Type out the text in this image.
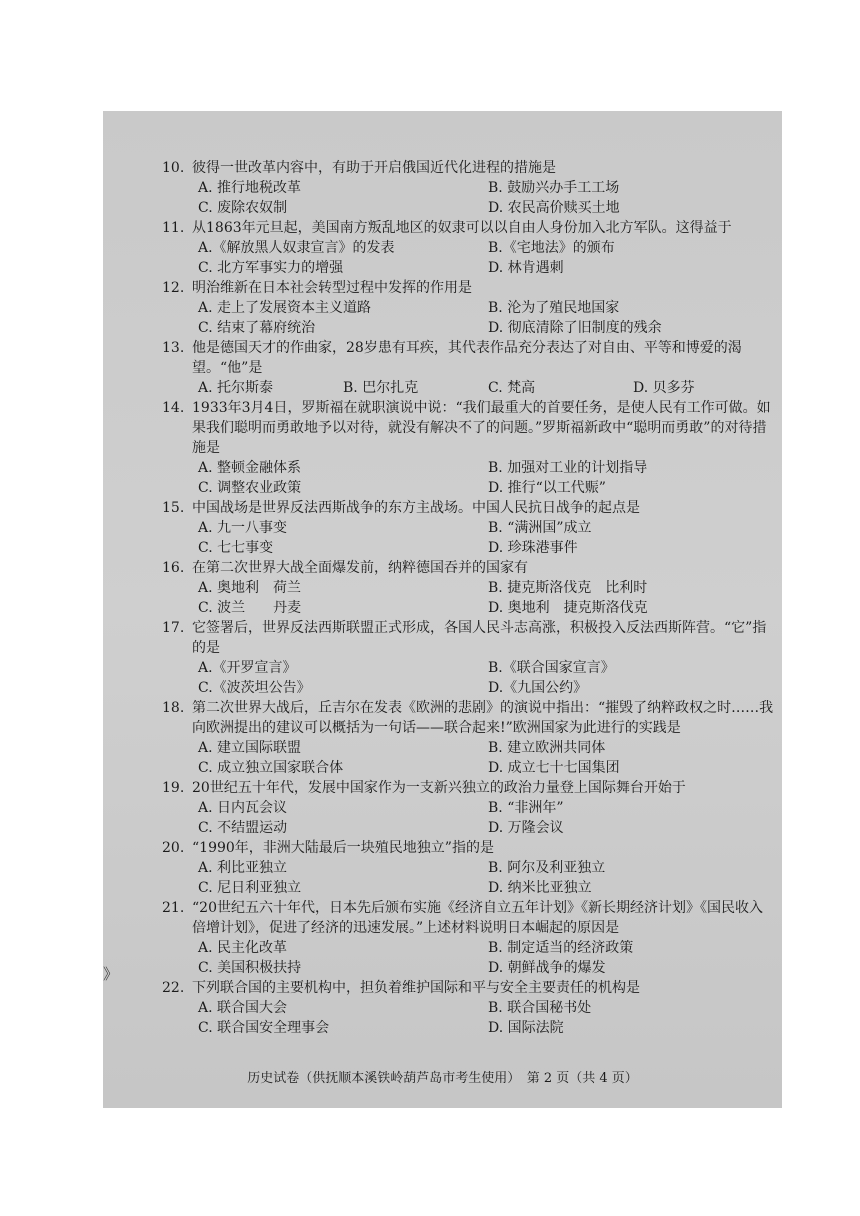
》
10. 彼得一世改革内容中，有助于开启俄国近代化进程的措施是
A. 推行地税改革	B. 鼓励兴办手工工场
C. 废除农奴制	D. 农民高价赎买土地
11. 从1863年元旦起，美国南方叛乱地区的奴隶可以以自由人身份加入北方军队。这得益于
A.《解放黑人奴隶宣言》的发表	B.《宅地法》的颁布
C. 北方军事实力的增强	D. 林肯遇刺
12. 明治维新在日本社会转型过程中发挥的作用是
A. 走上了发展资本主义道路	B. 沦为了殖民地国家
C. 结束了幕府统治	D. 彻底清除了旧制度的残余
13. 他是德国天才的作曲家，28岁患有耳疾，其代表作品充分表达了对自由、平等和博爱的渴望。“他”是
A. 托尔斯泰	B. 巴尔扎克	C. 梵高	D. 贝多芬
14. 1933年3月4日，罗斯福在就职演说中说：“我们最重大的首要任务，是使人民有工作可做。如果我们聪明而勇敢地予以对待，就没有解决不了的问题。”罗斯福新政中“聪明而勇敢”的对待措施是
A. 整顿金融体系	B. 加强对工业的计划指导
C. 调整农业政策	D. 推行“以工代赈”
15. 中国战场是世界反法西斯战争的东方主战场。中国人民抗日战争的起点是
A. 九一八事变	B. “满洲国”成立
C. 七七事变	D. 珍珠港事件
16. 在第二次世界大战全面爆发前，纳粹德国吞并的国家有
A. 奥地利　荷兰	B. 捷克斯洛伐克　比利时
C. 波兰　　丹麦	D. 奥地利　捷克斯洛伐克
17. 它签署后，世界反法西斯联盟正式形成，各国人民斗志高涨，积极投入反法西斯阵营。“它”指的是
A.《开罗宣言》	B.《联合国家宣言》
C.《波茨坦公告》	D.《九国公约》
18. 第二次世界大战后，丘吉尔在发表《欧洲的悲剧》的演说中指出：“摧毁了纳粹政权之时……我向欧洲提出的建议可以概括为一句话——联合起来!”欧洲国家为此进行的实践是
A. 建立国际联盟	B. 建立欧洲共同体
C. 成立独立国家联合体	D. 成立七十七国集团
19. 20世纪五十年代，发展中国家作为一支新兴独立的政治力量登上国际舞台开始于
A. 日内瓦会议	B. “非洲年”
C. 不结盟运动	D. 万隆会议
20. “1990年，非洲大陆最后一块殖民地独立”指的是
A. 利比亚独立	B. 阿尔及利亚独立
C. 尼日利亚独立	D. 纳米比亚独立
21. “20世纪五六十年代，日本先后颁布实施《经济自立五年计划》《新长期经济计划》《国民收入倍增计划》，促进了经济的迅速发展。”上述材料说明日本崛起的原因是
A. 民主化改革	B. 制定适当的经济政策
C. 美国积极扶持	D. 朝鲜战争的爆发
22. 下列联合国的主要机构中，担负着维护国际和平与安全主要责任的机构是
A. 联合国大会	B. 联合国秘书处
C. 联合国安全理事会	D. 国际法院
历史试卷（供抚顺本溪铁岭葫芦岛市考生使用）　第 2 页（共 4 页）
